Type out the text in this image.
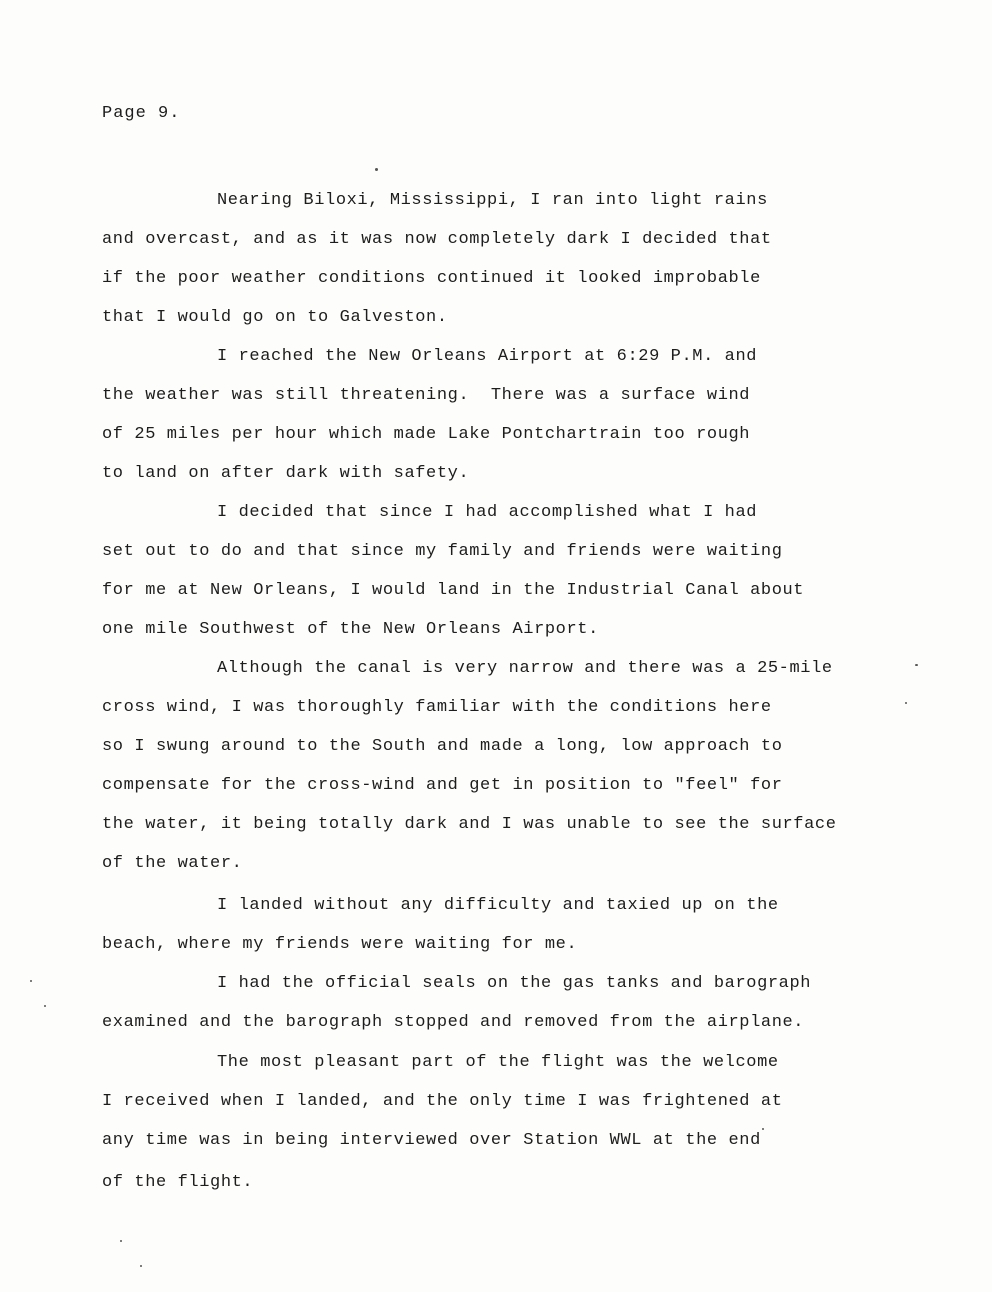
Page 9.
Nearing Biloxi, Mississippi, I ran into light rains
and overcast, and as it was now completely dark I decided that
if the poor weather conditions continued it looked improbable
that I would go on to Galveston.
I reached the New Orleans Airport at 6:29 P.M. and
the weather was still threatening.  There was a surface wind
of 25 miles per hour which made Lake Pontchartrain too rough
to land on after dark with safety.
I decided that since I had accomplished what I had
set out to do and that since my family and friends were waiting
for me at New Orleans, I would land in the Industrial Canal about
one mile Southwest of the New Orleans Airport.
Although the canal is very narrow and there was a 25-mile
cross wind, I was thoroughly familiar with the conditions here
so I swung around to the South and made a long, low approach to
compensate for the cross-wind and get in position to "feel" for
the water, it being totally dark and I was unable to see the surface
of the water.
I landed without any difficulty and taxied up on the
beach, where my friends were waiting for me.
I had the official seals on the gas tanks and barograph
examined and the barograph stopped and removed from the airplane.
The most pleasant part of the flight was the welcome
I received when I landed, and the only time I was frightened at
any time was in being interviewed over Station WWL at the end
of the flight.
